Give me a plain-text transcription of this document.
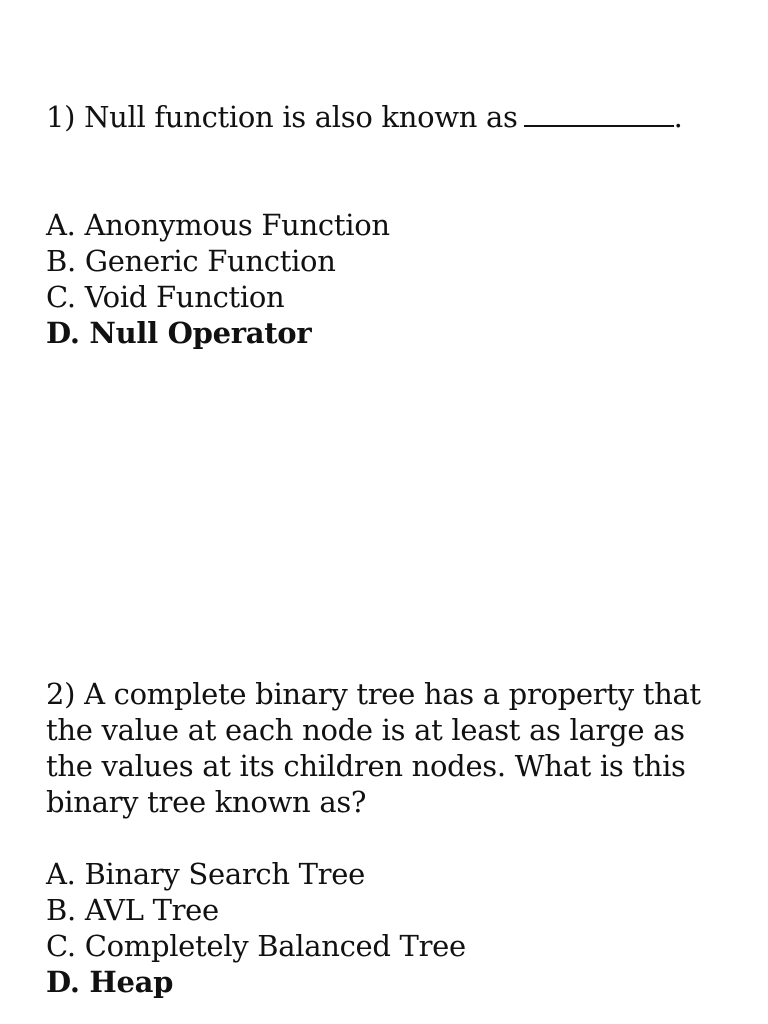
1) Null function is also known as	.

A. Anonymous Function
B. Generic Function
C. Void Function
D. Null Operator

2) A complete binary tree has a property that the value at each node is at least as large as the values at its children nodes. What is this binary tree known as?

A. Binary Search Tree
B. AVL Tree
C. Completely Balanced Tree
D. Heap
